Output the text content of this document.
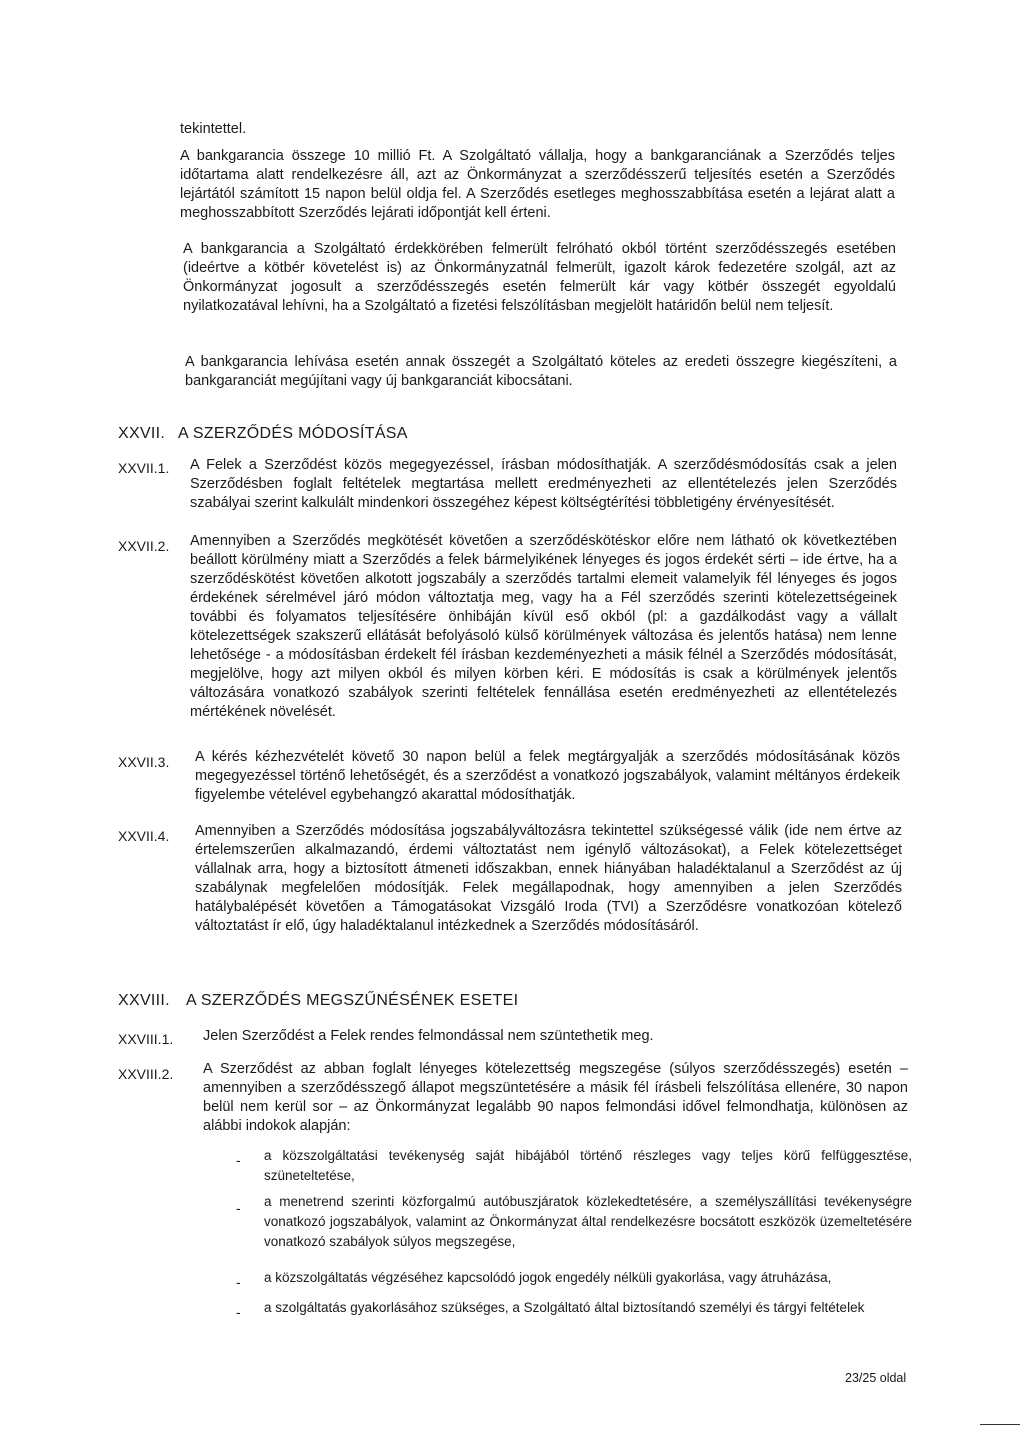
tekintettel.

A bankgarancia összege 10 millió Ft. A Szolgáltató vállalja, hogy a bankgaranciának a Szerződés teljes időtartama alatt rendelkezésre áll, azt az Önkormányzat a szerződésszerű teljesítés esetén a Szerződés lejártától számított 15 napon belül oldja fel. A Szerződés esetleges meghosszabbítása esetén a lejárat alatt a meghosszabbított Szerződés lejárati időpontját kell érteni.

A bankgarancia a Szolgáltató érdekkörében felmerült felróható okból történt szerződésszegés esetében (ideértve a kötbér követelést is) az Önkormányzatnál felmerült, igazolt károk fedezetére szolgál, azt az Önkormányzat jogosult a szerződésszegés esetén felmerült kár vagy kötbér összegét egyoldalú nyilatkozatával lehívni, ha a Szolgáltató a fizetési felszólításban megjelölt határidőn belül nem teljesít.

A bankgarancia lehívása esetén annak összegét a Szolgáltató köteles az eredeti összegre kiegészíteni, a bankgaranciát megújítani vagy új bankgaranciát kibocsátani.

XXVII. A SZERZŐDÉS MÓDOSÍTÁSA
XXVII.1. A Felek a Szerződést közös megegyezéssel, írásban módosíthatják. A szerződésmódosítás csak a jelen Szerződésben foglalt feltételek megtartása mellett eredményezheti az ellentételezés jelen Szerződés szabályai szerint kalkulált mindenkori összegéhez képest költségtérítési többletigény érvényesítését.

XXVII.2. Amennyiben a Szerződés megkötését követően a szerződéskötéskor előre nem látható ok következtében beállott körülmény miatt a Szerződés a felek bármelyikének lényeges és jogos érdekét sérti – ide értve, ha a szerződéskötést követően alkotott jogszabály a szerződés tartalmi elemeit valamelyik fél lényeges és jogos érdekének sérelmével járó módon változtatja meg, vagy ha a Fél szerződés szerinti kötelezettségeinek további és folyamatos teljesítésére önhibáján kívül eső okból (pl: a gazdálkodást vagy a vállalt kötelezettségek szakszerű ellátását befolyásoló külső körülmények változása és jelentős hatása) nem lenne lehetősége - a módosításban érdekelt fél írásban kezdeményezheti a másik félnél a Szerződés módosítását, megjelölve, hogy azt milyen okból és milyen körben kéri. E módosítás is csak a körülmények jelentős változására vonatkozó szabályok szerinti feltételek fennállása esetén eredményezheti az ellentételezés mértékének növelését.

XXVII.3. A kérés kézhezvételét követő 30 napon belül a felek megtárgyalják a szerződés módosításának közös megegyezéssel történő lehetőségét, és a szerződést a vonatkozó jogszabályok, valamint méltányos érdekeik figyelembe vételével egybehangzó akarattal módosíthatják.

XXVII.4. Amennyiben a Szerződés módosítása jogszabályváltozásra tekintettel szükségessé válik (ide nem értve az értelemszerűen alkalmazandó, érdemi változtatást nem igénylő változásokat), a Felek kötelezettséget vállalnak arra, hogy a biztosított átmeneti időszakban, ennek hiányában haladéktalanul a Szerződést az új szabálynak megfelelően módosítják. Felek megállapodnak, hogy amennyiben a jelen Szerződés hatálybalépését követően a Támogatásokat Vizsgáló Iroda (TVI) a Szerződésre vonatkozóan kötelező változtatást ír elő, úgy haladéktalanul intézkednek a Szerződés módosításáról.

XXVIII. A SZERZŐDÉS MEGSZŰNÉSÉNEK ESETEI
XXVIII.1. Jelen Szerződést a Felek rendes felmondással nem szüntethetik meg.

XXVIII.2. A Szerződést az abban foglalt lényeges kötelezettség megszegése (súlyos szerződésszegés) esetén – amennyiben a szerződésszegő állapot megszüntetésére a másik fél írásbeli felszólítása ellenére, 30 napon belül nem kerül sor – az Önkormányzat legalább 90 napos felmondási idővel felmondhatja, különösen az alábbi indokok alapján:

- a közszolgáltatási tevékenység saját hibájából történő részleges vagy teljes körű felfüggesztése, szüneteltetése,

- a menetrend szerinti közforgalmú autóbuszjáratok közlekedtetésére, a személyszállítási tevékenységre vonatkozó jogszabályok, valamint az Önkormányzat által rendelkezésre bocsátott eszközök üzemeltetésére vonatkozó szabályok súlyos megszegése,

- a közszolgáltatás végzéséhez kapcsolódó jogok engedély nélküli gyakorlása, vagy átruházása,

- a szolgáltatás gyakorlásához szükséges, a Szolgáltató által biztosítandó személyi és tárgyi feltételek

23/25 oldal
